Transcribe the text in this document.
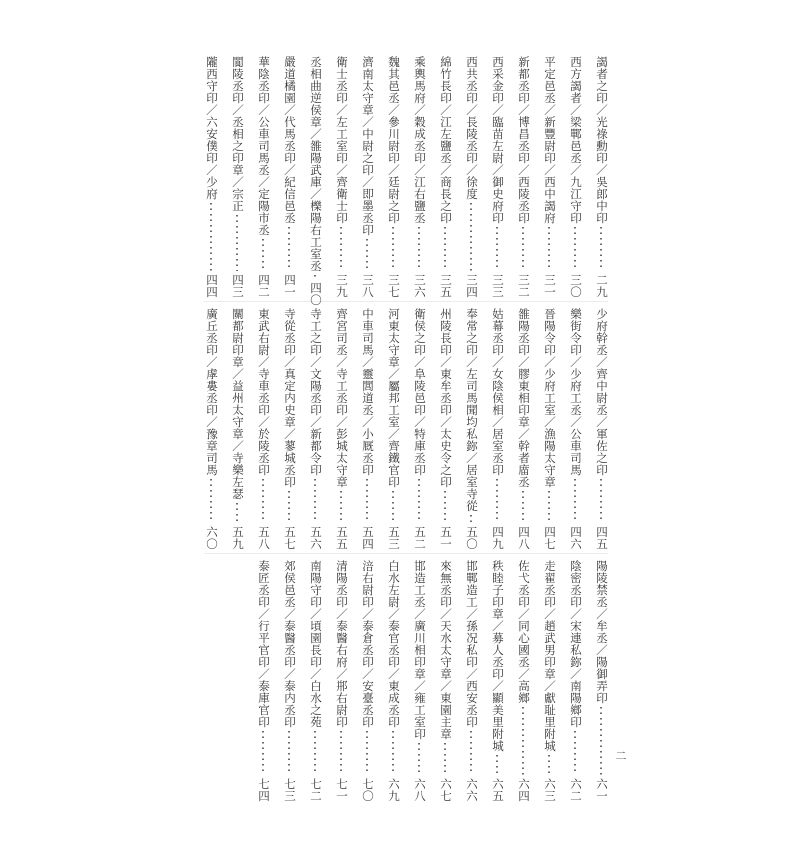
謁者之印／光祿勳印／吳郎中印
二九
西方謁者／梁鄲邑丞／九江守印
三〇
平定邑丞／新豐尉印／西中謁府
三一
新都丞印／博昌丞印／西陵丞印
三二
西采金印／臨苗左尉／御史府印
三三
西共丞印／長陵丞印／徐度
三四
綿竹長印／江左鹽丞／商長之印
三五
乘輿馬府／穀成丞印／江右鹽丞
三六
魏其邑丞／參川尉印／廷尉之印
三七
濟南太守章／中尉之印／即墨丞印
三八
衛士丞印／左工室印／齊衛士印
三九
丞相曲逆侯章／雒陽武庫／櫟陽右工室丞
四〇
嚴道橘園／代馬丞印／紀信邑丞
四一
華陰丞印／公車司馬丞／定陽市丞
四二
閬陵丞印／丞相之印章／宗正
四三
隴西守印／六安僕印／少府
四四
少府幹丞／齊中尉丞／軍佐之印
四五
樂街令印／少府工丞／公車司馬
四六
晉陽令印／少府工室／漁陽太守章
四七
雒陽丞印／膠東相印章／幹者庿丞
四八
姑幕丞印／女陰侯相／居室丞印
四九
奉常之印／左司馬聞均私鉨／居室寺從
五〇
州陵長印／東牟丞印／太史令之印
五一
衛侯之印／阜陵邑印／特庫丞印
五二
河東太守章／屬邦工室／齊鐵官印
五三
中車司馬／靈閭道丞／小厩丞印
五四
齊宮司丞／寺工丞印／彭城太守章
五五
寺工之印／文陽丞印／新都令印
五六
寺從丞印／真定内史章／蓼城丞印
五七
東武右尉／寺車丞印／於陵丞印
五八
關都尉印章／益州太守章／寺樂左瑟
五九
廣丘丞印／虖婁丞印／豫章司馬
六〇
陽陵禁丞／牟丞／陽御弄印
六一
陰密丞印／宋連私鉨／南陽鄉印
六二
走翟丞印／趙武男印章／獻耻里附城
六三
佐弋丞印／同心國丞／高鄉
六四
秩睦子印章／募人丞印／顯美里附城
六五
邯鄲造工／孫况私印／西安丞印
六六
來無丞印／天水太守章／東園主章
六七
邯造工丞／廣川相印章／雍工室印
六八
白水左尉／泰官丞印／東成丞印
六九
涪右尉印／泰倉丞印／安臺丞印
七〇
清陽丞印／泰醫右府／郱右尉印
七一
南陽守印／頃園長印／白水之苑
七二
郊侯邑丞／泰醫丞印／泰内丞印
七三
泰匠丞印／行平官印／泰庫官印
七四
二
